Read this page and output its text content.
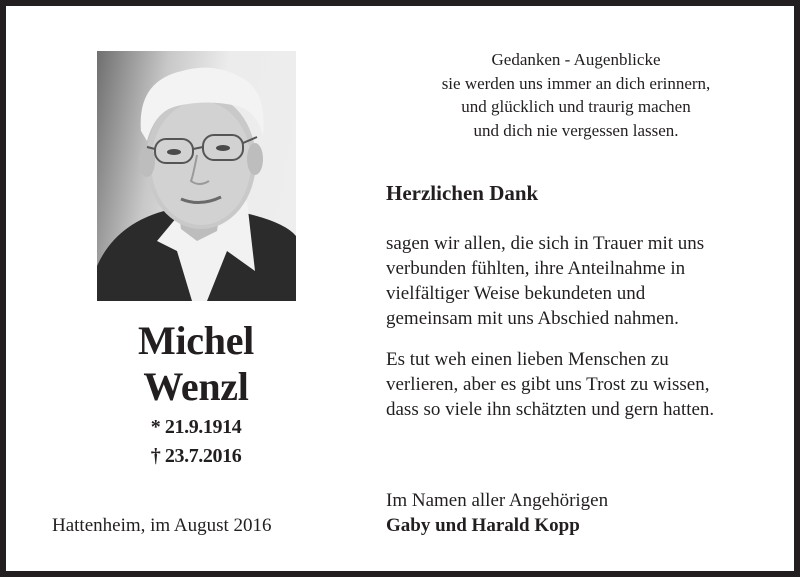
Michel
Wenzl
* 21.9.1914
† 23.7.2016
Hattenheim, im August 2016
Gedanken - Augenblicke
sie werden uns immer an dich erinnern,
und glücklich und traurig machen
und dich nie vergessen lassen.
Herzlichen Dank
sagen wir allen, die sich in Trauer mit uns
verbunden fühlten, ihre Anteilnahme in
vielfältiger Weise bekundeten und
gemeinsam mit uns Abschied nahmen.
Es tut weh einen lieben Menschen zu
verlieren, aber es gibt uns Trost zu wissen,
dass so viele ihn schätzten und gern hatten.
Im Namen aller Angehörigen
Gaby und Harald Kopp
